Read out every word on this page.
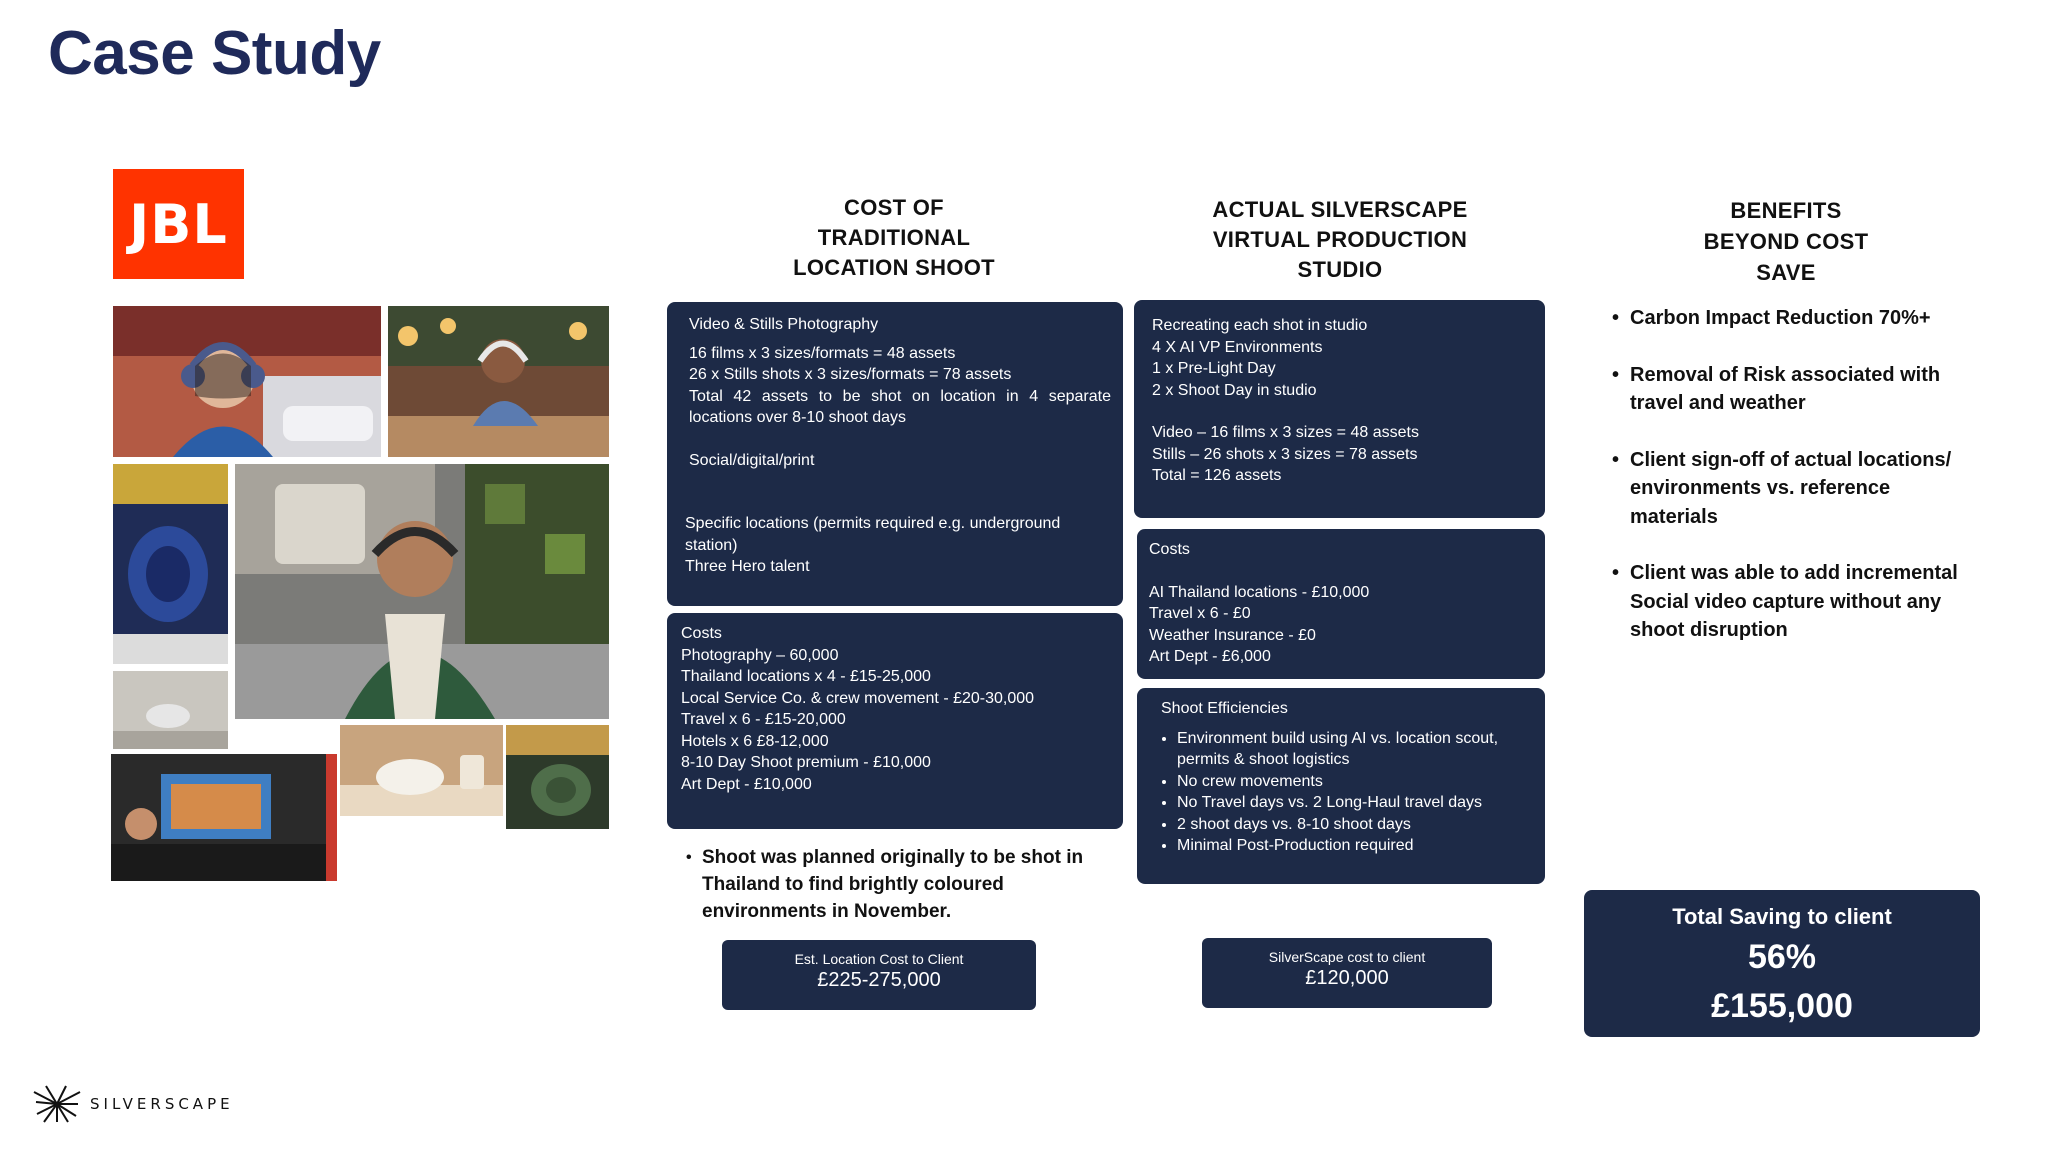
Case Study
JBL	COST OF
TRADITIONAL
LOCATION SHOOT
ACTUAL SILVERSCAPE
VIRTUAL PRODUCTION
STUDIO
BENEFITS
BEYOND COST
SAVE

Video & Stills Photography

16 films x 3 sizes/formats = 48 assets

26 x Stills shots x 3 sizes/formats = 78 assets

Total 42 assets to be shot on location in 4 separate locations over 8-10 shoot days

Social/digital/print

Specific locations (permits required e.g. underground station)

Three Hero talent

Costs

Photography – 60,000

Thailand locations x 4 - £15-25,000

Local Service Co. & crew movement - £20-30,000

Travel x 6 - £15-20,000

Hotels x 6 £8-12,000

8-10 Day Shoot premium - £10,000

Art Dept - £10,000

• Shoot was planned originally to be shot in Thailand to find brightly coloured environments in November.
Est. Location Cost to Client
£225-275,000

Recreating each shot in studio

4 X AI VP Environments

1 x Pre-Light Day

2 x Shoot Day in studio

Video – 16 films x 3 sizes = 48 assets

Stills – 26 shots x 3 sizes = 78 assets

Total = 126 assets

Costs

AI Thailand locations - £10,000

Travel x 6 - £0

Weather Insurance - £0

Art Dept - £6,000

Shoot Efficiencies

• Environment build using AI vs. location scout, permits & shoot logistics
• No crew movements
• No Travel days vs. 2 Long-Haul travel days
• 2 shoot days vs. 8-10 shoot days
• Minimal Post-Production required
SilverScape cost to client
£120,000
• Carbon Impact Reduction 70%+
• Removal of Risk associated with travel and weather
• Client sign-off of actual locations/ environments vs. reference materials
• Client was able to add incremental Social video capture without any shoot disruption
Total Saving to client
56%
£155,000
SILVERSCAPE
